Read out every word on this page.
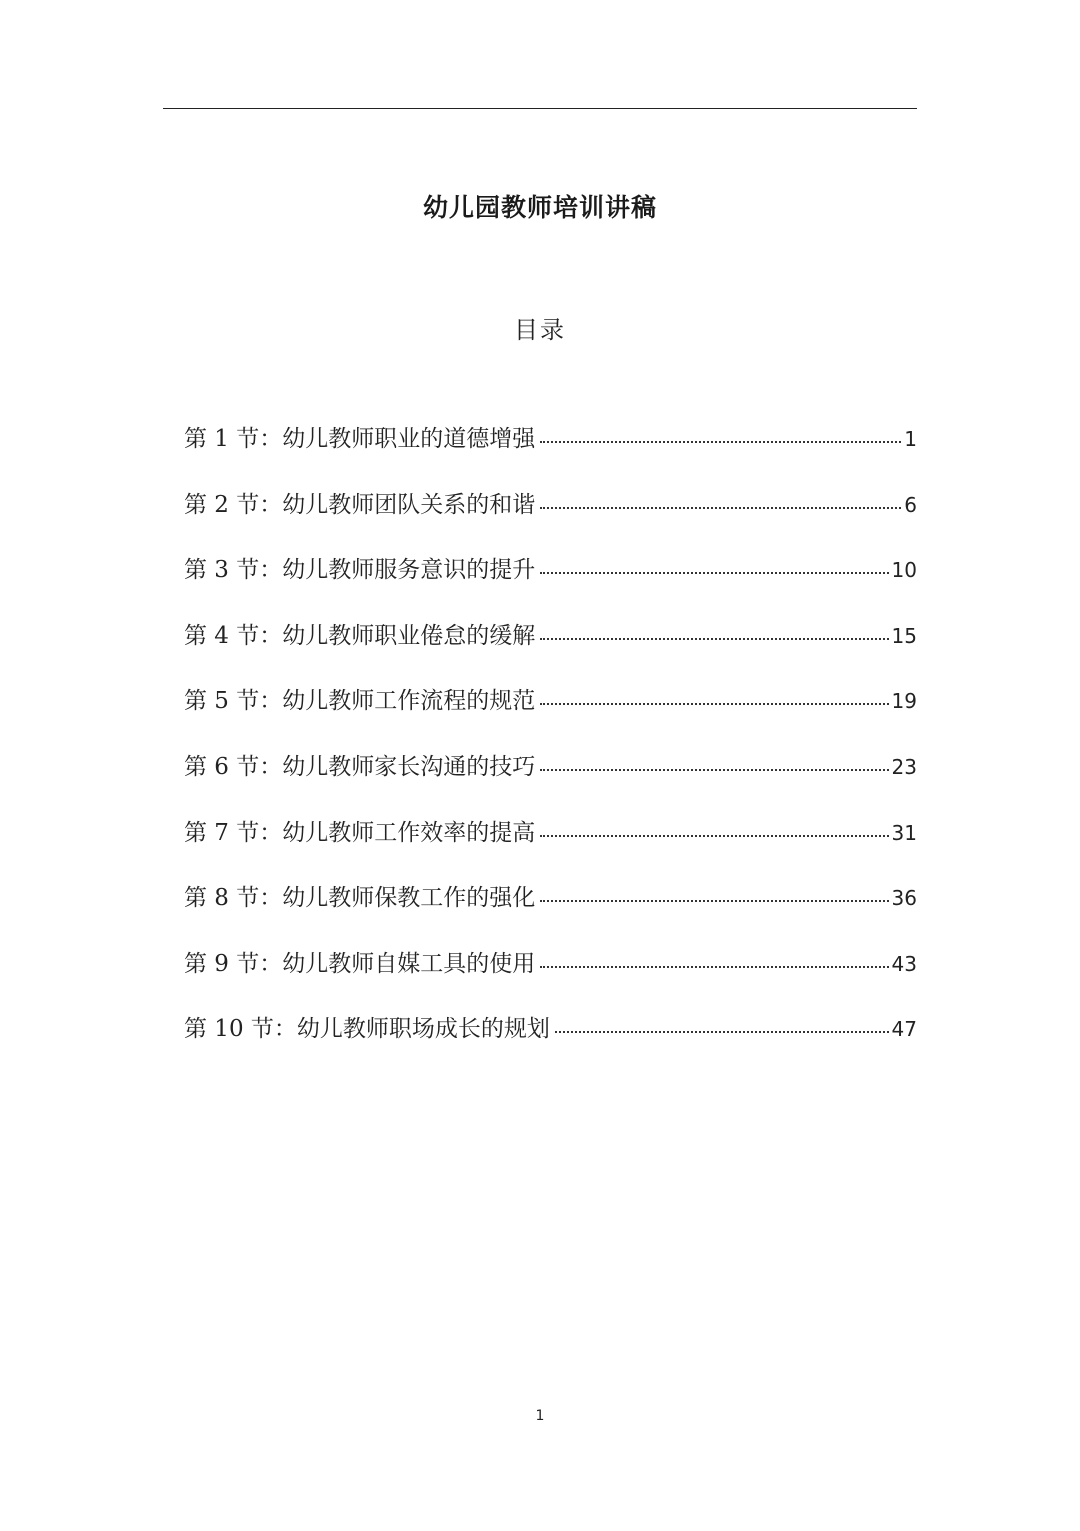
幼儿园教师培训讲稿
目录
第 1 节：幼儿教师职业的道德增强	1
第 2 节：幼儿教师团队关系的和谐	6
第 3 节：幼儿教师服务意识的提升	10
第 4 节：幼儿教师职业倦怠的缓解	15
第 5 节：幼儿教师工作流程的规范	19
第 6 节：幼儿教师家长沟通的技巧	23
第 7 节：幼儿教师工作效率的提高	31
第 8 节：幼儿教师保教工作的强化	36
第 9 节：幼儿教师自媒工具的使用	43
第 10 节：幼儿教师职场成长的规划	47
1
